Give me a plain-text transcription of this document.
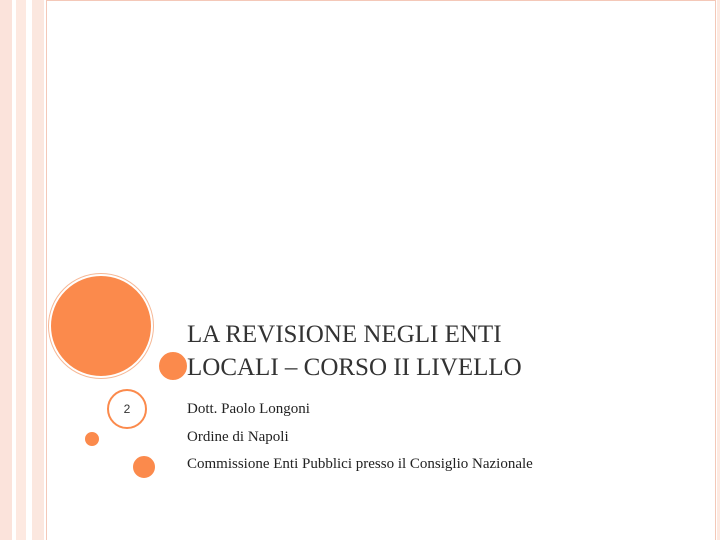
2
LA REVISIONE NEGLI ENTI
LOCALI – CORSO II LIVELLO
Dott. Paolo Longoni
Ordine di Napoli
Commissione Enti Pubblici presso il Consiglio Nazionale
